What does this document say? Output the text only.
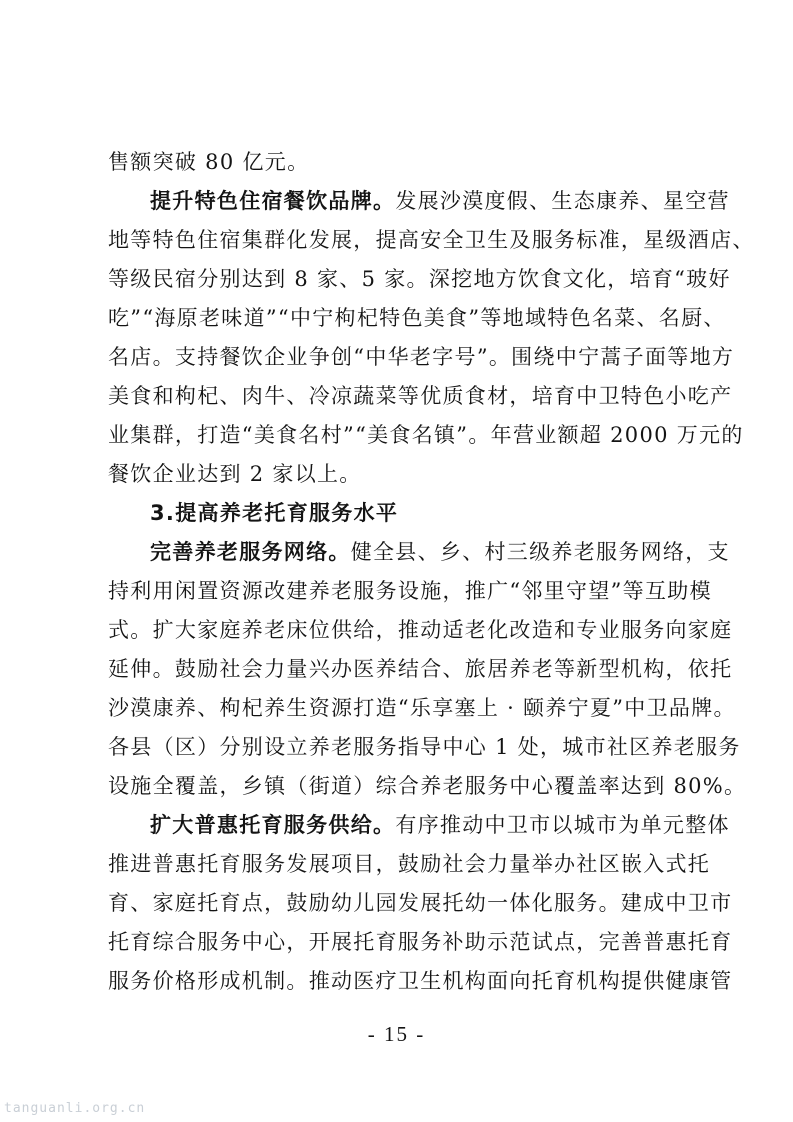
售额突破 80 亿元。
提升特色住宿餐饮品牌。发展沙漠度假、生态康养、星空营
地等特色住宿集群化发展，提高安全卫生及服务标准，星级酒店、
等级民宿分别达到 8 家、5 家。深挖地方饮食文化，培育“玻好
吃”“海原老味道”“中宁枸杞特色美食”等地域特色名菜、名厨、
名店。支持餐饮企业争创“中华老字号”。围绕中宁蒿子面等地方
美食和枸杞、肉牛、冷凉蔬菜等优质食材，培育中卫特色小吃产
业集群，打造“美食名村”“美食名镇”。年营业额超 2000 万元的
餐饮企业达到 2 家以上。
3.提高养老托育服务水平
完善养老服务网络。健全县、乡、村三级养老服务网络，支
持利用闲置资源改建养老服务设施，推广“邻里守望”等互助模
式。扩大家庭养老床位供给，推动适老化改造和专业服务向家庭
延伸。鼓励社会力量兴办医养结合、旅居养老等新型机构，依托
沙漠康养、枸杞养生资源打造“乐享塞上 · 颐养宁夏”中卫品牌。
各县（区）分别设立养老服务指导中心 1 处，城市社区养老服务
设施全覆盖，乡镇（街道）综合养老服务中心覆盖率达到 80%。
扩大普惠托育服务供给。有序推动中卫市以城市为单元整体
推进普惠托育服务发展项目，鼓励社会力量举办社区嵌入式托
育、家庭托育点，鼓励幼儿园发展托幼一体化服务。建成中卫市
托育综合服务中心，开展托育服务补助示范试点，完善普惠托育
服务价格形成机制。推动医疗卫生机构面向托育机构提供健康管
- 15 -
tanguanli.org.cn
